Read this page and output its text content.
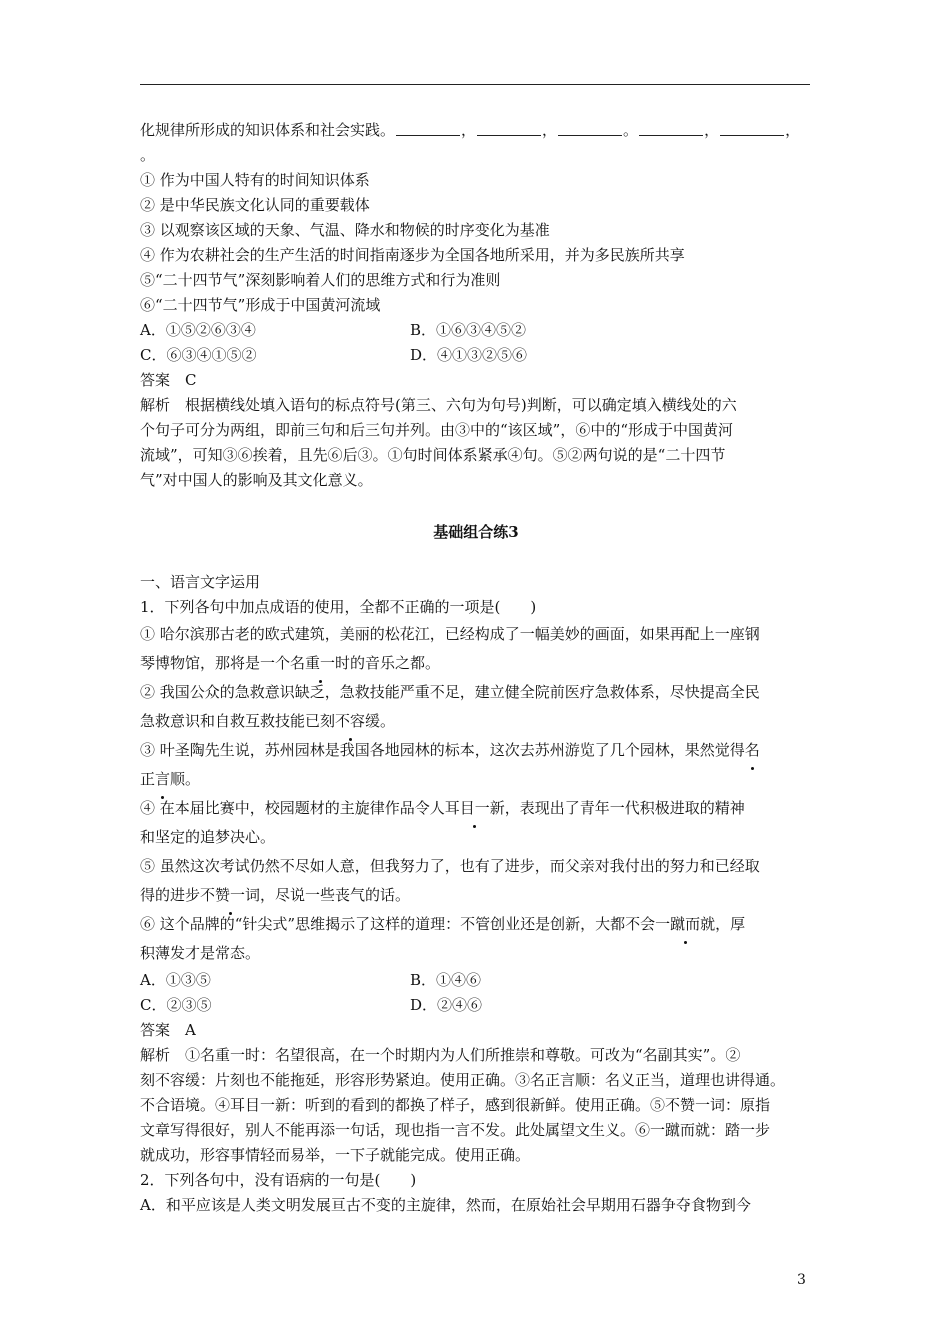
化规律所形成的知识体系和社会实践。	，	，	。	，	，
。
① 作为中国人特有的时间知识体系
② 是中华民族文化认同的重要载体
③ 以观察该区域的天象、气温、降水和物候的时序变化为基准
④ 作为农耕社会的生产生活的时间指南逐步为全国各地所采用，并为多民族所共享
⑤“二十四节气”深刻影响着人们的思维方式和行为准则
⑥“二十四节气”形成于中国黄河流域
A．①⑤②⑥③④	B．①⑥③④⑤②
C．⑥③④①⑤②	D．④①③②⑤⑥
答案　C
解析　根据横线处填入语句的标点符号(第三、六句为句号)判断，可以确定填入横线处的六
个句子可分为两组，即前三句和后三句并列。由③中的“该区域”，⑥中的“形成于中国黄河
流域”，可知③⑥挨着，且先⑥后③。①句时间体系紧承④句。⑤②两句说的是“二十四节
气”对中国人的影响及其文化意义。
基础组合练3
一、语言文字运用
1．下列各句中加点成语的使用，全都不正确的一项是(　　)
① 哈尔滨那古老的欧式建筑，美丽的松花江，已经构成了一幅美妙的画面，如果再配上一座钢
琴博物馆，那将是一个名重一时的音乐之都。
② 我国公众的急救意识缺乏，急救技能严重不足，建立健全院前医疗急救体系，尽快提高全民
急救意识和自救互救技能已刻不容缓。
③ 叶圣陶先生说，苏州园林是我国各地园林的标本，这次去苏州游览了几个园林，果然觉得名
正言顺。
④ 在本届比赛中，校园题材的主旋律作品令人耳目一新，表现出了青年一代积极进取的精神
和坚定的追梦决心。
⑤ 虽然这次考试仍然不尽如人意，但我努力了，也有了进步，而父亲对我付出的努力和已经取
得的进步不赞一词，尽说一些丧气的话。
⑥ 这个品牌的“针尖式”思维揭示了这样的道理：不管创业还是创新，大都不会一蹴而就，厚
积薄发才是常态。
A．①③⑤	B．①④⑥
C．②③⑤	D．②④⑥
答案　A
解析　①名重一时：名望很高，在一个时期内为人们所推崇和尊敬。可改为“名副其实”。②
刻不容缓：片刻也不能拖延，形容形势紧迫。使用正确。③名正言顺：名义正当，道理也讲得通。
不合语境。④耳目一新：听到的看到的都换了样子，感到很新鲜。使用正确。⑤不赞一词：原指
文章写得很好，别人不能再添一句话，现也指一言不发。此处属望文生义。⑥一蹴而就：踏一步
就成功，形容事情轻而易举，一下子就能完成。使用正确。
2．下列各句中，没有语病的一句是(　　)
A．和平应该是人类文明发展亘古不变的主旋律，然而，在原始社会早期用石器争夺食物到今
3
